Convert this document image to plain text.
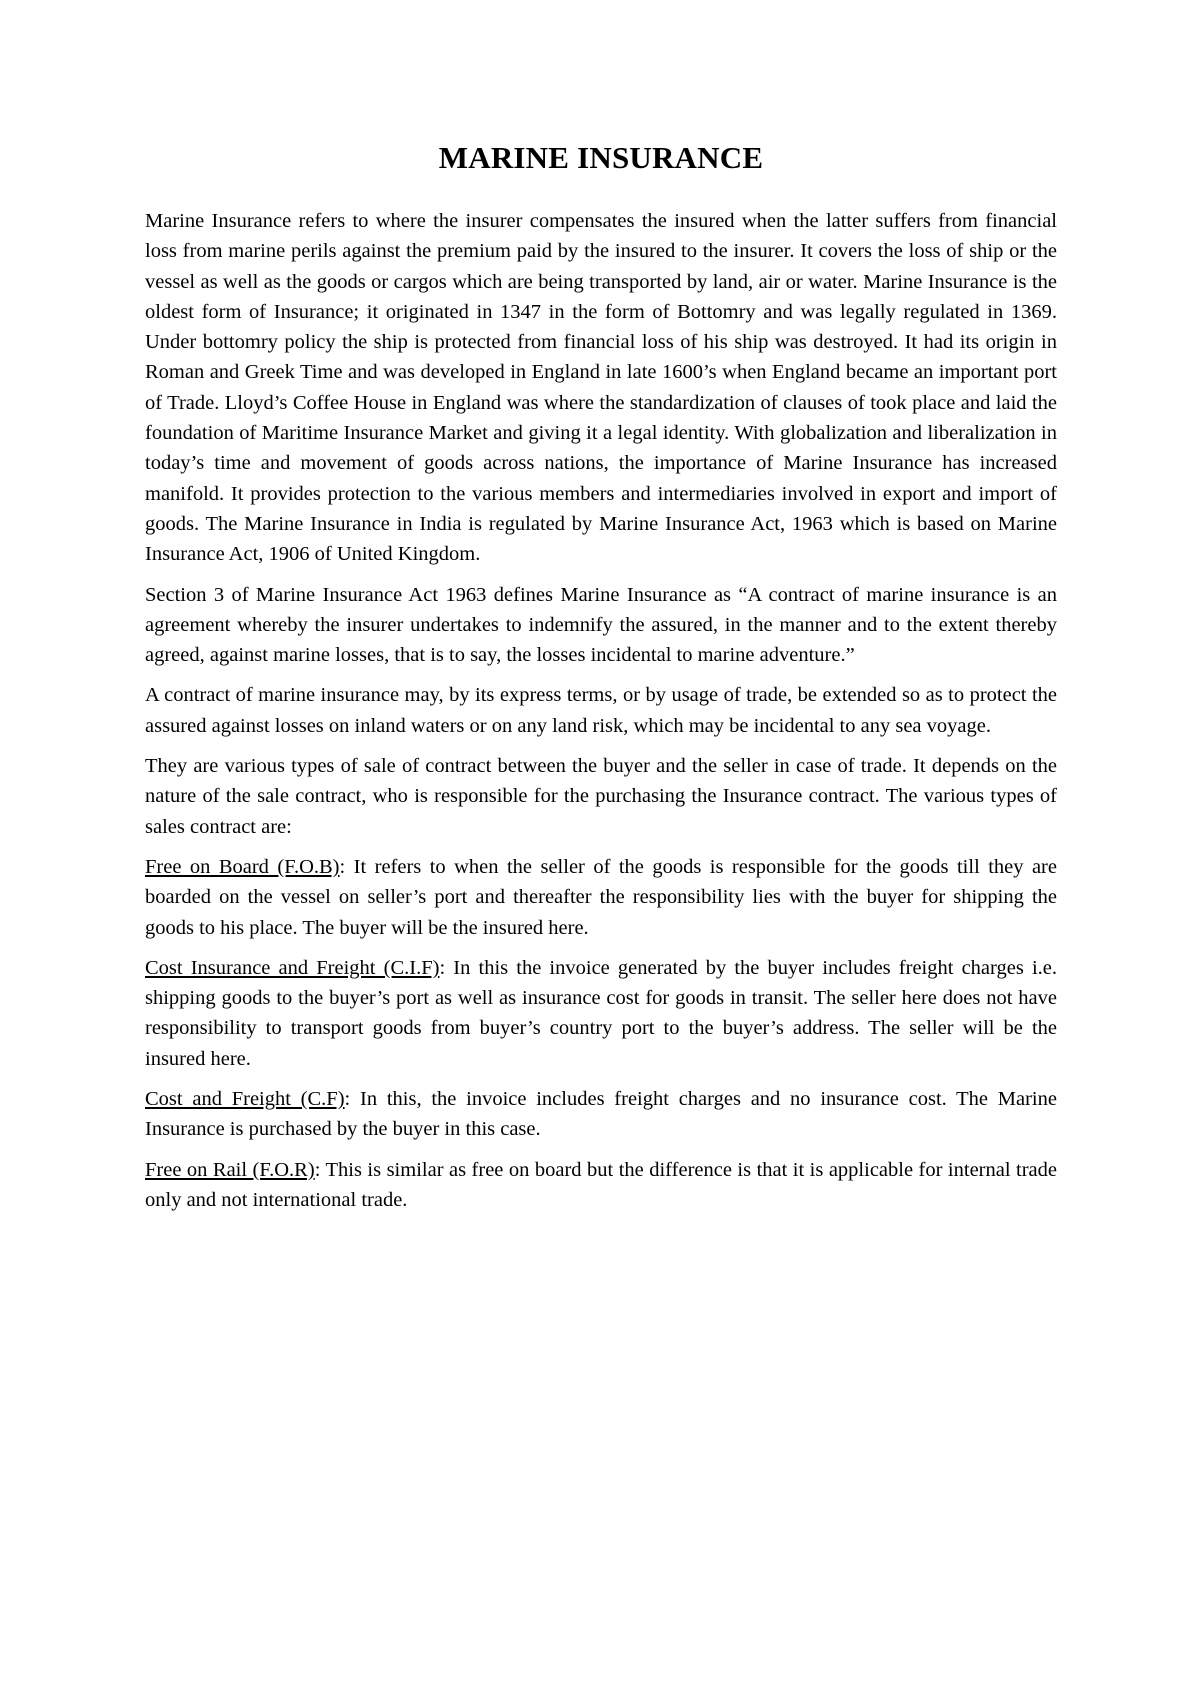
MARINE INSURANCE

Marine Insurance refers to where the insurer compensates the insured when the latter suffers from financial loss from marine perils against the premium paid by the insured to the insurer. It covers the loss of ship or the vessel as well as the goods or cargos which are being transported by land, air or water. Marine Insurance is the oldest form of Insurance; it originated in 1347 in the form of Bottomry and was legally regulated in 1369. Under bottomry policy the ship is protected from financial loss of his ship was destroyed. It had its origin in Roman and Greek Time and was developed in England in late 1600’s when England became an important port of Trade. Lloyd’s Coffee House in England was where the standardization of clauses of took place and laid the foundation of Maritime Insurance Market and giving it a legal identity. With globalization and liberalization in today’s time and movement of goods across nations, the importance of Marine Insurance has increased manifold. It provides protection to the various members and intermediaries involved in export and import of goods. The Marine Insurance in India is regulated by Marine Insurance Act, 1963 which is based on Marine Insurance Act, 1906 of United Kingdom.

Section 3 of Marine Insurance Act 1963 defines Marine Insurance as “A contract of marine insurance is an agreement whereby the insurer undertakes to indemnify the assured, in the manner and to the extent thereby agreed, against marine losses, that is to say, the losses incidental to marine adventure.”

A contract of marine insurance may, by its express terms, or by usage of trade, be extended so as to protect the assured against losses on inland waters or on any land risk, which may be incidental to any sea voyage.

They are various types of sale of contract between the buyer and the seller in case of trade. It depends on the nature of the sale contract, who is responsible for the purchasing the Insurance contract. The various types of sales contract are:

Free on Board (F.O.B): It refers to when the seller of the goods is responsible for the goods till they are boarded on the vessel on seller’s port and thereafter the responsibility lies with the buyer for shipping the goods to his place. The buyer will be the insured here.

Cost Insurance and Freight (C.I.F): In this the invoice generated by the buyer includes freight charges i.e. shipping goods to the buyer’s port as well as insurance cost for goods in transit. The seller here does not have responsibility to transport goods from buyer’s country port to the buyer’s address. The seller will be the insured here.

Cost and Freight (C.F): In this, the invoice includes freight charges and no insurance cost. The Marine Insurance is purchased by the buyer in this case.

Free on Rail (F.O.R): This is similar as free on board but the difference is that it is applicable for internal trade only and not international trade.
